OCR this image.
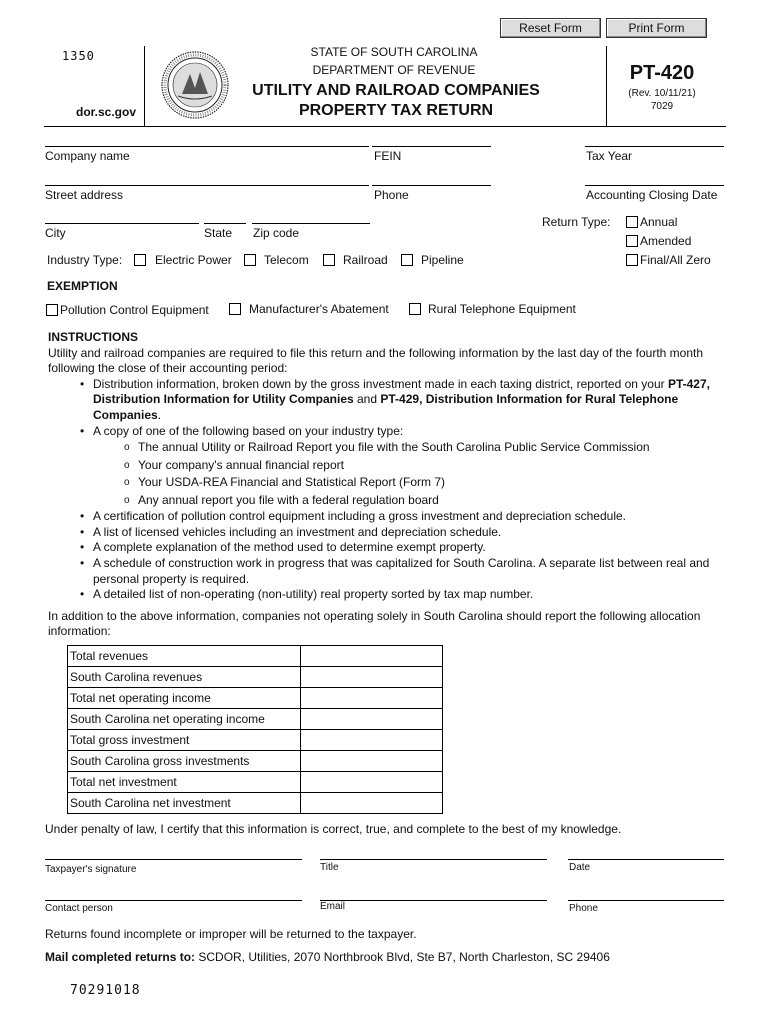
Reset Form	Print Form
1350
dor.sc.gov
STATE OF SOUTH CAROLINA
DEPARTMENT OF REVENUE
UTILITY AND RAILROAD COMPANIES
PROPERTY TAX RETURN
PT-420
(Rev. 10/11/21)
7029
Company name	FEIN	Tax Year
Street address	Phone	Accounting Closing Date
City	State Zip code
Return Type: Annual
Amended
Final/All Zero
Industry Type:	Electric Power	Telecom	Railroad	Pipeline
EXEMPTION
Pollution Control Equipment	Manufacturer's Abatement	Rural Telephone Equipment

INSTRUCTIONS

Utility and railroad companies are required to file this return and the following information by the last day of the fourth month following the close of their accounting period:

• Distribution information, broken down by the gross investment made in each taxing district, reported on your PT-427, Distribution Information for Utility Companies and PT-429, Distribution Information for Rural Telephone Companies.

• A copy of one of the following based on your industry type:

o The annual Utility or Railroad Report you file with the South Carolina Public Service Commission

o Your company's annual financial report

o Your USDA-REA Financial and Statistical Report (Form 7)

o Any annual report you file with a federal regulation board

• A certification of pollution control equipment including a gross investment and depreciation schedule.

• A list of licensed vehicles including an investment and depreciation schedule.

• A complete explanation of the method used to determine exempt property.

• A schedule of construction work in progress that was capitalized for South Carolina. A separate list between real and personal property is required.

• A detailed list of non-operating (non-utility) real property sorted by tax map number.

In addition to the above information, companies not operating solely in South Carolina should report the following allocation information:

Total revenues	
South Carolina revenues	
Total net operating income	
South Carolina net operating income	
Total gross investment	
South Carolina gross investments	
Total net investment	
South Carolina net investment	
Under penalty of law, I certify that this information is correct, true, and complete to the best of my knowledge.
Taxpayer's signature	Title	Date
Contact person	Email	Phone
Returns found incomplete or improper will be returned to the taxpayer.
Mail completed returns to: SCDOR, Utilities, 2070 Northbrook Blvd, Ste B7, North Charleston, SC 29406
70291018
